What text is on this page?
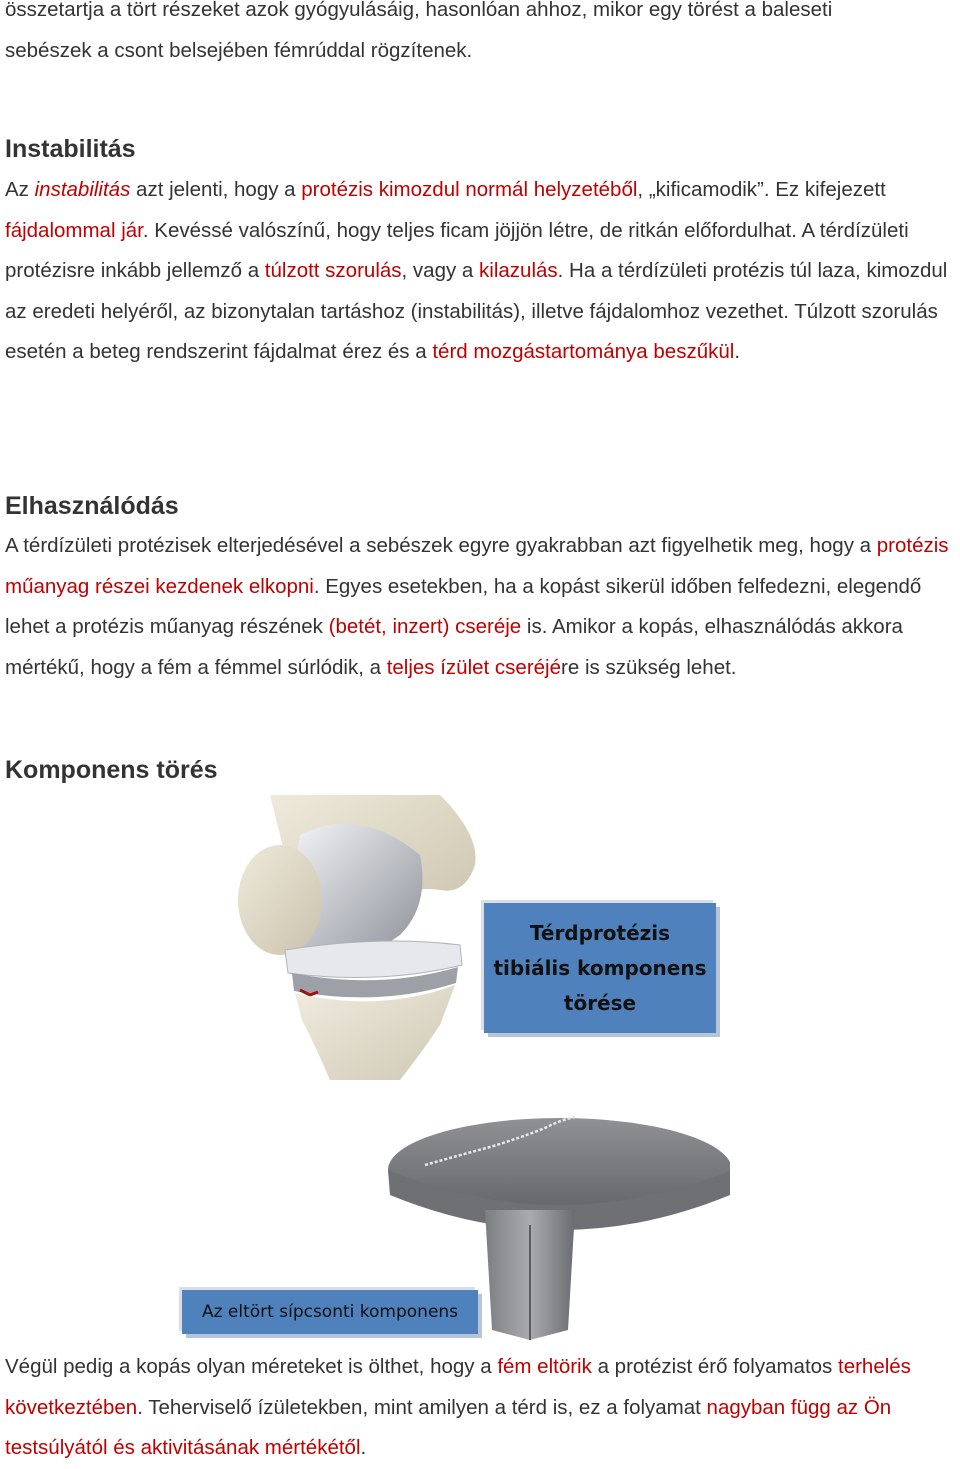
összetartja a tört részeket azok gyógyulásáig, hasonlóan ahhoz, mikor egy törést a baleseti
sebészek a csont belsejében fémrúddal rögzítenek.

Instabilitás

Az instabilitás azt jelenti, hogy a protézis kimozdul normál helyzetéből, „kificamodik”. Ez kifejezett fájdalommal jár. Kevéssé valószínű, hogy teljes ficam jöjjön létre, de ritkán előfordulhat. A térdízületi protézisre inkább jellemző a túlzott szorulás, vagy a kilazulás. Ha a térdízületi protézis túl laza, kimozdul az eredeti helyéről, az bizonytalan tartáshoz (instabilitás), illetve fájdalomhoz vezethet. Túlzott szorulás esetén a beteg rendszerint fájdalmat érez és a térd mozgástartománya beszűkül.

Elhasználódás

A térdízületi protézisek elterjedésével a sebészek egyre gyakrabban azt figyelhetik meg, hogy a protézis műanyag részei kezdenek elkopni. Egyes esetekben, ha a kopást sikerül időben felfedezni, elegendő lehet a protézis műanyag részének (betét, inzert) cseréje is. Amikor a kopás, elhasználódás akkora mértékű, hogy a fém a fémmel súrlódik, a teljes ízület cseréjére is szükség lehet.

Komponens törés
Térdprotézis
tibiális komponens
törése
Az eltört sípcsonti komponens

Végül pedig a kopás olyan méreteket is ölthet, hogy a fém eltörik a protézist érő folyamatos terhelés következtében. Teherviselő ízületekben, mint amilyen a térd is, ez a folyamat nagyban függ az Ön testsúlyától és aktivitásának mértékétől.
